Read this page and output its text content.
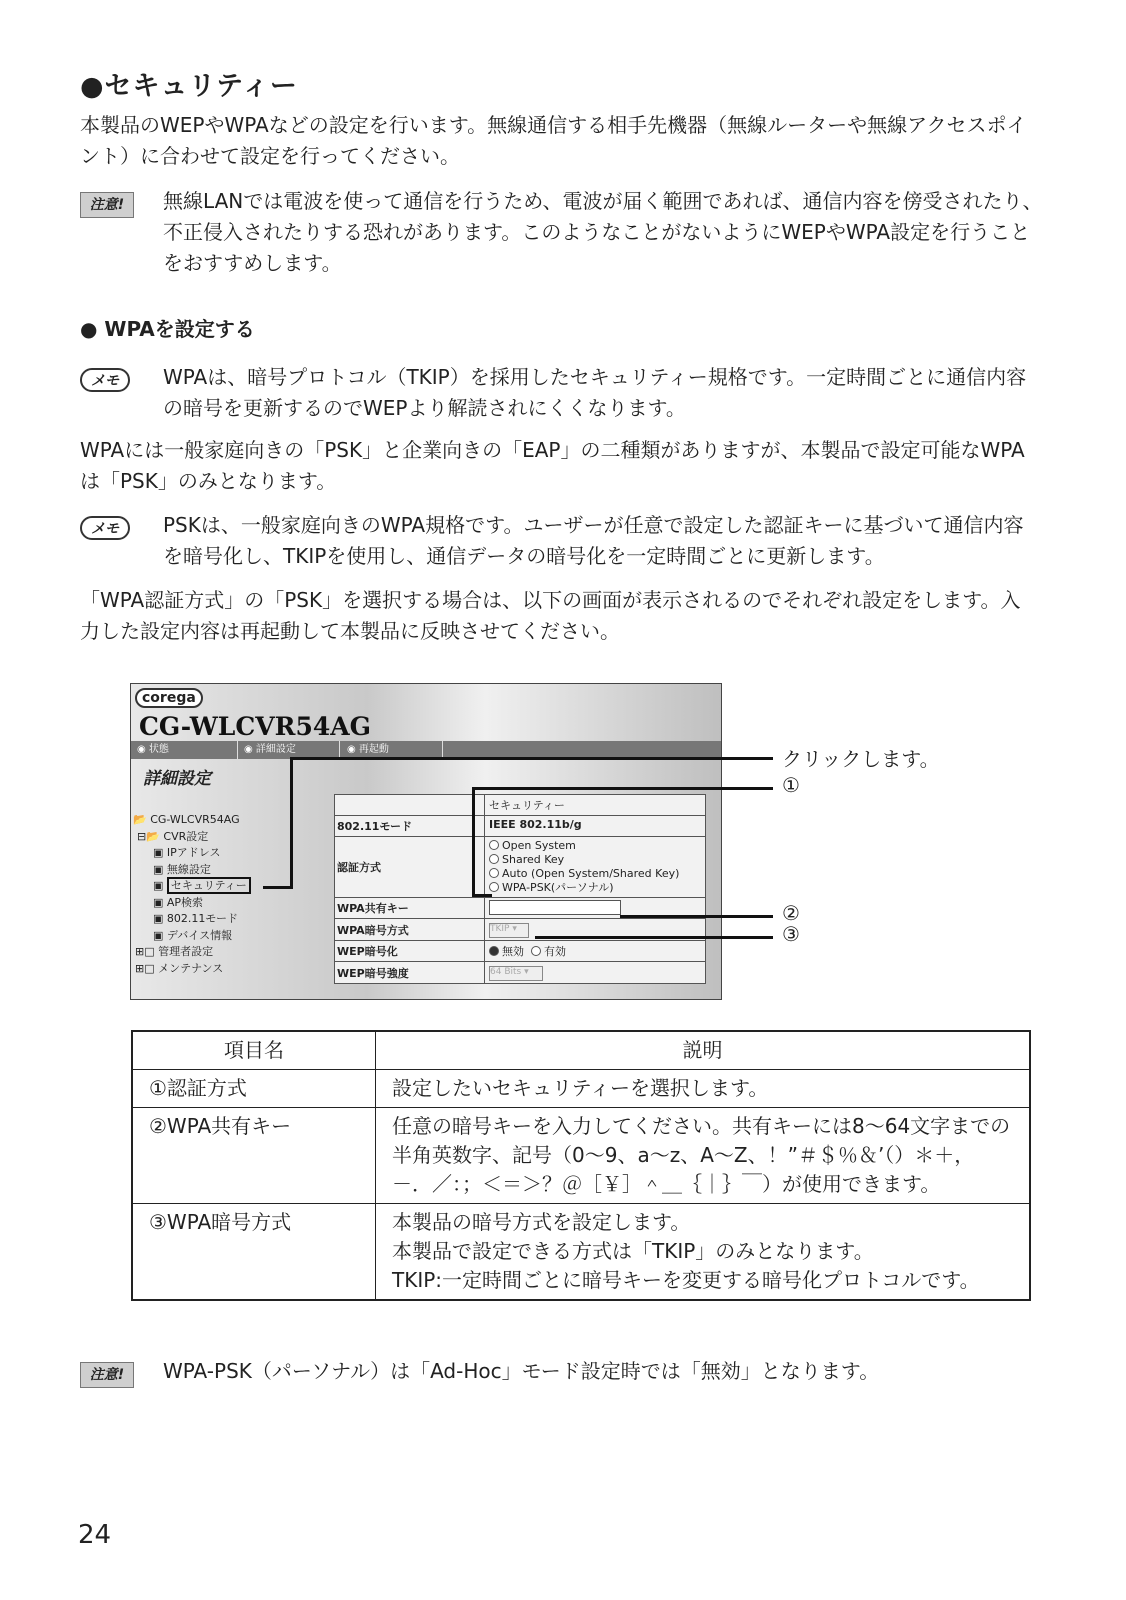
●セキュリティー
本製品のWEPやWPAなどの設定を行います。無線通信する相手先機器（無線ルーターや無線アクセスポイント）に合わせて設定を行ってください。
注意!	無線LANでは電波を使って通信を行うため、電波が届く範囲であれば、通信内容を傍受されたり、不正侵入されたりする恐れがあります。このようなことがないようにWEPやWPA設定を行うことをおすすめします。
● WPAを設定する
メモ	WPAは、暗号プロトコル（TKIP）を採用したセキュリティー規格です。一定時間ごとに通信内容の暗号を更新するのでWEPより解読されにくくなります。
WPAには一般家庭向きの「PSK」と企業向きの「EAP」の二種類がありますが、本製品で設定可能なWPAは「PSK」のみとなります。
メモ	PSKは、一般家庭向きのWPA規格です。ユーザーが任意で設定した認証キーに基づいて通信内容を暗号化し、TKIPを使用し、通信データの暗号化を一定時間ごとに更新します。
「WPA認証方式」の「PSK」を選択する場合は、以下の画面が表示されるのでそれぞれ設定をします。入力した設定内容は再起動して本製品に反映させてください。
corega
CG-WLCVR54AG
◉ 状態	◉ 詳細設定	◉ 再起動
詳細設定
📂 CG-WLCVR54AG
⊟📂 CVR設定
▣ IPアドレス
▣ 無線設定
▣ セキュリティー
▣ AP検索
▣ 802.11モード
▣ デバイス情報
⊞□ 管理者設定
⊞□ メンテナンス
セキュリティー
802.11モード	IEEE 802.11b/g
認証方式
Open System
Shared Key
Auto (Open System/Shared Key)
WPA-PSK(パーソナル)
WPA共有キー
WPA暗号方式	TKIP ▾
WEP暗号化	無効 有効
WEP暗号強度	64 Bits ▾
クリックします。
①
②
③
項目名	説明
①認証方式	設定したいセキュリティーを選択します。
②WPA共有キー	任意の暗号キーを入力してください。共有キーには8～64文字までの半角英数字、記号（0～9、a～z、A～Z、！”＃＄％＆’（）＊＋，－．／：；＜＝＞？＠［￥］＾＿｛｜｝￣）が使用できます。
③WPA暗号方式	本製品の暗号方式を設定します。
本製品で設定できる方式は「TKIP」のみとなります。
TKIP:一定時間ごとに暗号キーを変更する暗号化プロトコルです。
注意!	WPA-PSK（パーソナル）は「Ad-Hoc」モード設定時では「無効」となります。
24
